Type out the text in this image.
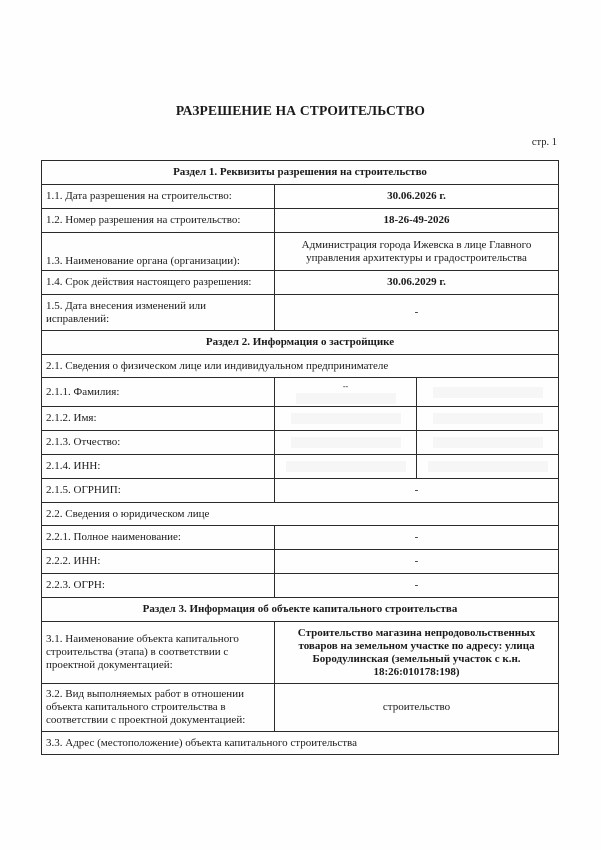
РАЗРЕШЕНИЕ НА СТРОИТЕЛЬСТВО
стр. 1
Раздел 1. Реквизиты разрешения на строительство		
1.1. Дата разрешения на строительство:	30.06.2026 г.	
1.2. Номер разрешения на строительство:	18-26-49-2026	
1.3. Наименование органа (организации):	Администрация города Ижевска в лице Главного управления архитектуры и градостроительства	
1.4. Срок действия настоящего разрешения:	30.06.2029 г.	
1.5. Дата внесения изменений или исправлений:	-	
Раздел 2. Информация о застройщике		
2.1. Сведения о физическом лице или индивидуальном предпринимателе		
2.1.1. Фамилия:	--

2.1.2. Имя:	

2.1.3. Отчество:	

2.1.4. ИНН:	

2.1.5. ОГРНИП:	-	
2.2. Сведения о юридическом лице		
2.2.1. Полное наименование:	-	
2.2.2. ИНН:	-	
2.2.3. ОГРН:	-	
Раздел 3. Информация об объекте капитального строительства		
3.1. Наименование объекта капитального строительства (этапа) в соответствии с проектной документацией:	Строительство магазина непродовольственных товаров на земельном участке по адресу: улица Бородулинская (земельный участок с к.н. 18:26:010178:198)	
3.2. Вид выполняемых работ в отношении объекта капитального строительства в соответствии с проектной документацией:	строительство	
3.3. Адрес (местоположение) объекта капитального строительства		
